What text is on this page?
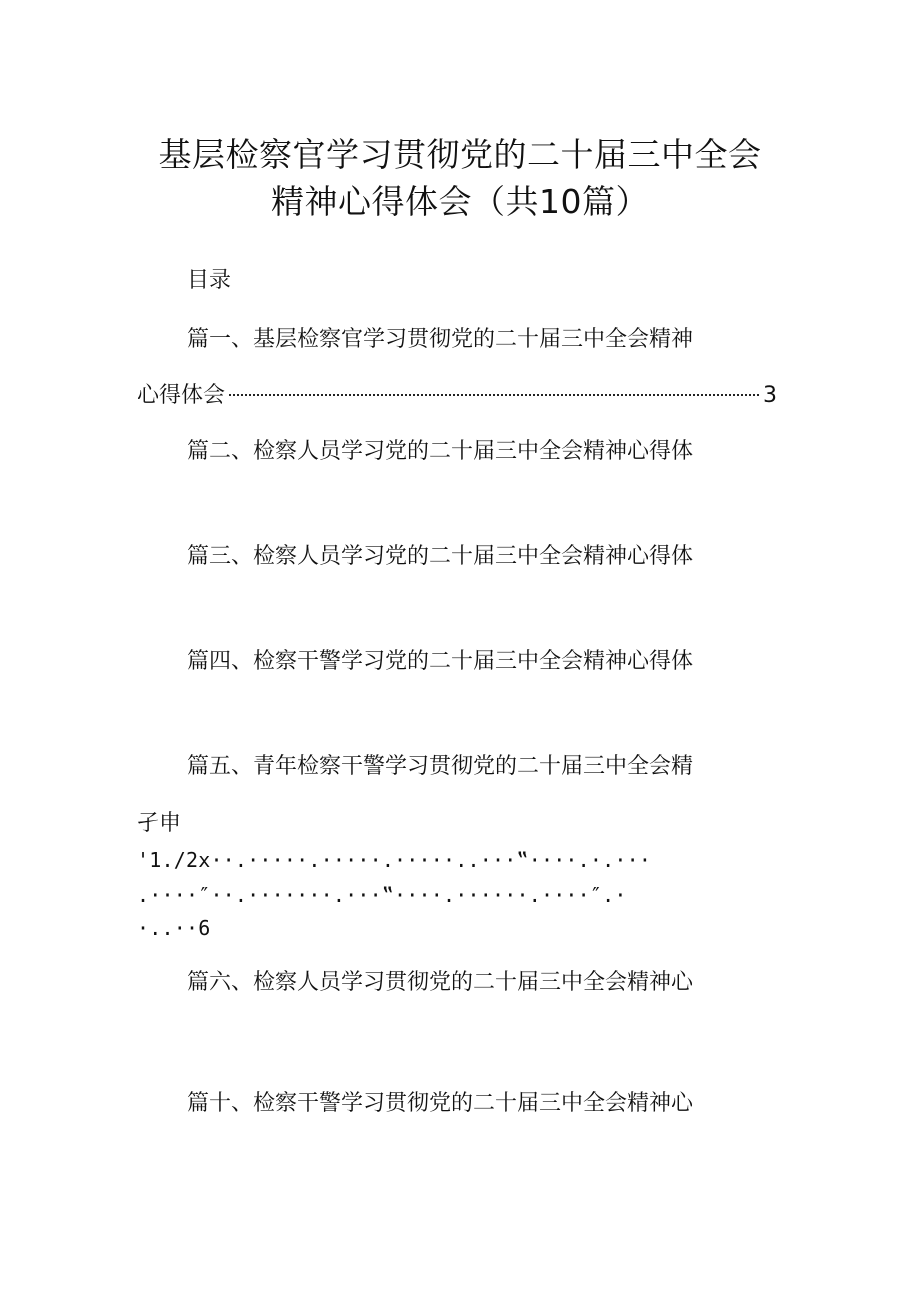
基层检察官学习贯彻党的二十届三中全会
精神心得体会（共10篇）
目录
篇一、基层检察官学习贯彻党的二十届三中全会精神
心得体会	3
篇二、检察人员学习党的二十届三中全会精神心得体
篇三、检察人员学习党的二十届三中全会精神心得体
篇四、检察干警学习党的二十届三中全会精神心得体
篇五、青年检察干警学习贯彻党的二十届三中全会精
孑申
'1./2x··.·····.·····.·····..···‟····.·.···
.····″··.·······.···‟····.······.····″.·
·..··6
篇六、检察人员学习贯彻党的二十届三中全会精神心
篇十、检察干警学习贯彻党的二十届三中全会精神心
